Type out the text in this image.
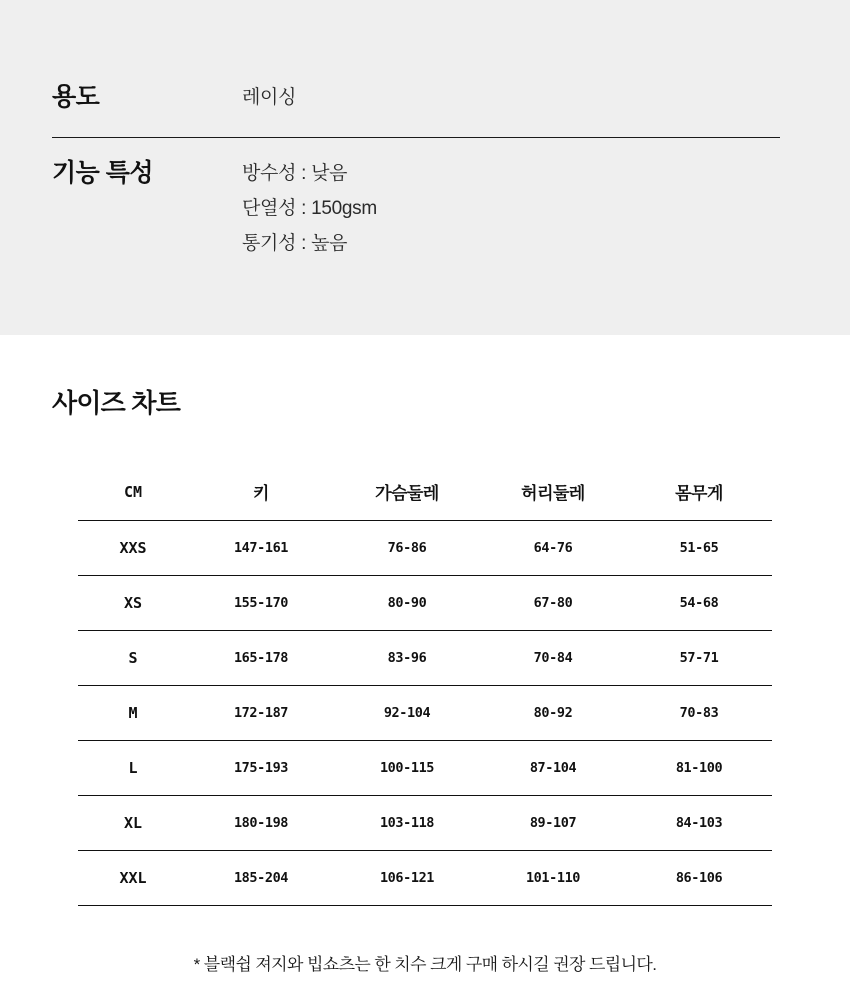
용도	레이싱
기능 특성	방수성 : 낮음
단열성 : 150gsm
통기성 : 높음
사이즈 차트
CM	키	가슴둘레	허리둘레	몸무게
XXS	147-161	76-86	64-76	51-65
XS	155-170	80-90	67-80	54-68
S	165-178	83-96	70-84	57-71
M	172-187	92-104	80-92	70-83
L	175-193	100-115	87-104	81-100
XL	180-198	103-118	89-107	84-103
XXL	185-204	106-121	101-110	86-106

* 블랙쉽 져지와 빕쇼츠는 한 치수 크게 구매 하시길 권장 드립니다.
